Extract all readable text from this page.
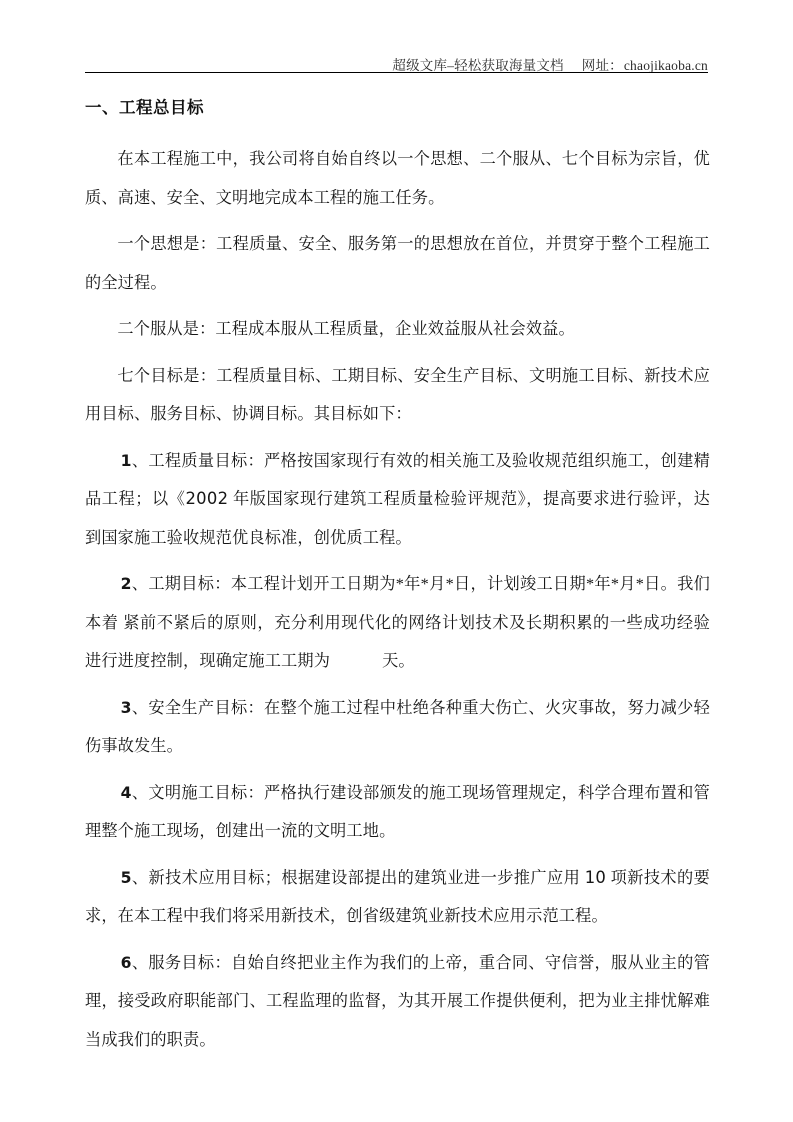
超级文库–轻松获取海量文档 网址： chaojikaoba.cn
一、工程总目标

在本工程施工中，我公司将自始自终以一个思想、二个服从、七个目标为宗旨，优质、高速、安全、文明地完成本工程的施工任务。

一个思想是：工程质量、安全、服务第一的思想放在首位，并贯穿于整个工程施工的全过程。

二个服从是：工程成本服从工程质量，企业效益服从社会效益。

七个目标是：工程质量目标、工期目标、安全生产目标、文明施工目标、新技术应用目标、服务目标、协调目标。其目标如下：

1、工程质量目标：严格按国家现行有效的相关施工及验收规范组织施工，创建精品工程；以《2002 年版国家现行建筑工程质量检验评规范》，提高要求进行验评，达到国家施工验收规范优良标准，创优质工程。

2、工期目标：本工程计划开工日期为*年*月*日，计划竣工日期*年*月*日。我们本着 紧前不紧后的原则，充分利用现代化的网络计划技术及长期积累的一些成功经验进行进度控制，现确定施工工期为	天。

3、安全生产目标：在整个施工过程中杜绝各种重大伤亡、火灾事故，努力减少轻伤事故发生。

4、文明施工目标：严格执行建设部颁发的施工现场管理规定，科学合理布置和管理整个施工现场，创建出一流的文明工地。

5、新技术应用目标；根据建设部提出的建筑业进一步推广应用 10 项新技术的要求，在本工程中我们将采用新技术，创省级建筑业新技术应用示范工程。

6、服务目标：自始自终把业主作为我们的上帝，重合同、守信誉，服从业主的管理，接受政府职能部门、工程监理的监督，为其开展工作提供便利，把为业主排忧解难当成我们的职责。
